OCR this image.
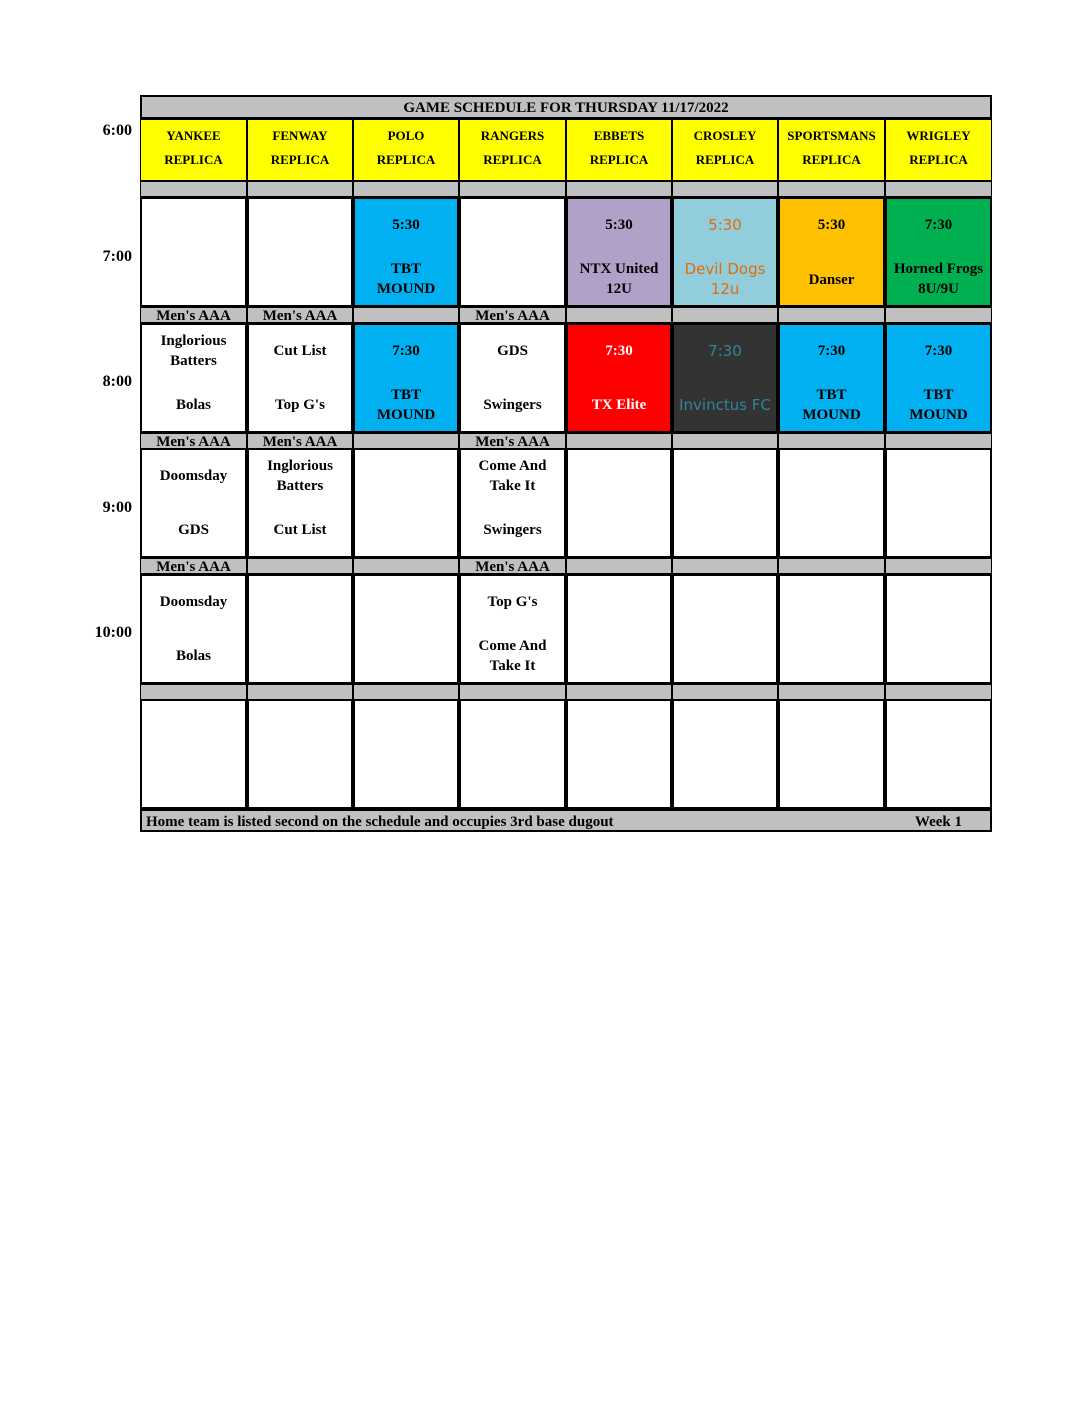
GAME SCHEDULE FOR THURSDAY 11/17/2022
YANKEE
REPLICA
FENWAY
REPLICA
POLO
REPLICA
RANGERS
REPLICA
EBBETS
REPLICA
CROSLEY
REPLICA
SPORTSMANS
REPLICA
WRIGLEY
REPLICA
5:30
TBT
MOUND
5:30
NTX United
12U
5:30
Devil Dogs
12u
5:30
Danser
7:30
Horned Frogs
8U/9U
Men's AAA
Inglorious
Batters
Bolas
Men's AAA
Cut List
Top G's
7:30
TBT
MOUND
Men's AAA
GDS
Swingers
7:30
TX Elite
7:30
Invinctus FC
7:30
TBT
MOUND
7:30
TBT
MOUND
Men's AAA
Doomsday
GDS
Men's AAA
Inglorious
Batters
Cut List
Men's AAA
Come And
Take It
Swingers
Men's AAA
Doomsday
Bolas
Men's AAA
Top G's
Come And
Take It
Home team is listed second on the schedule and occupies 3rd base dugout	Week 1
6:00
7:00
8:00
9:00
10:00
